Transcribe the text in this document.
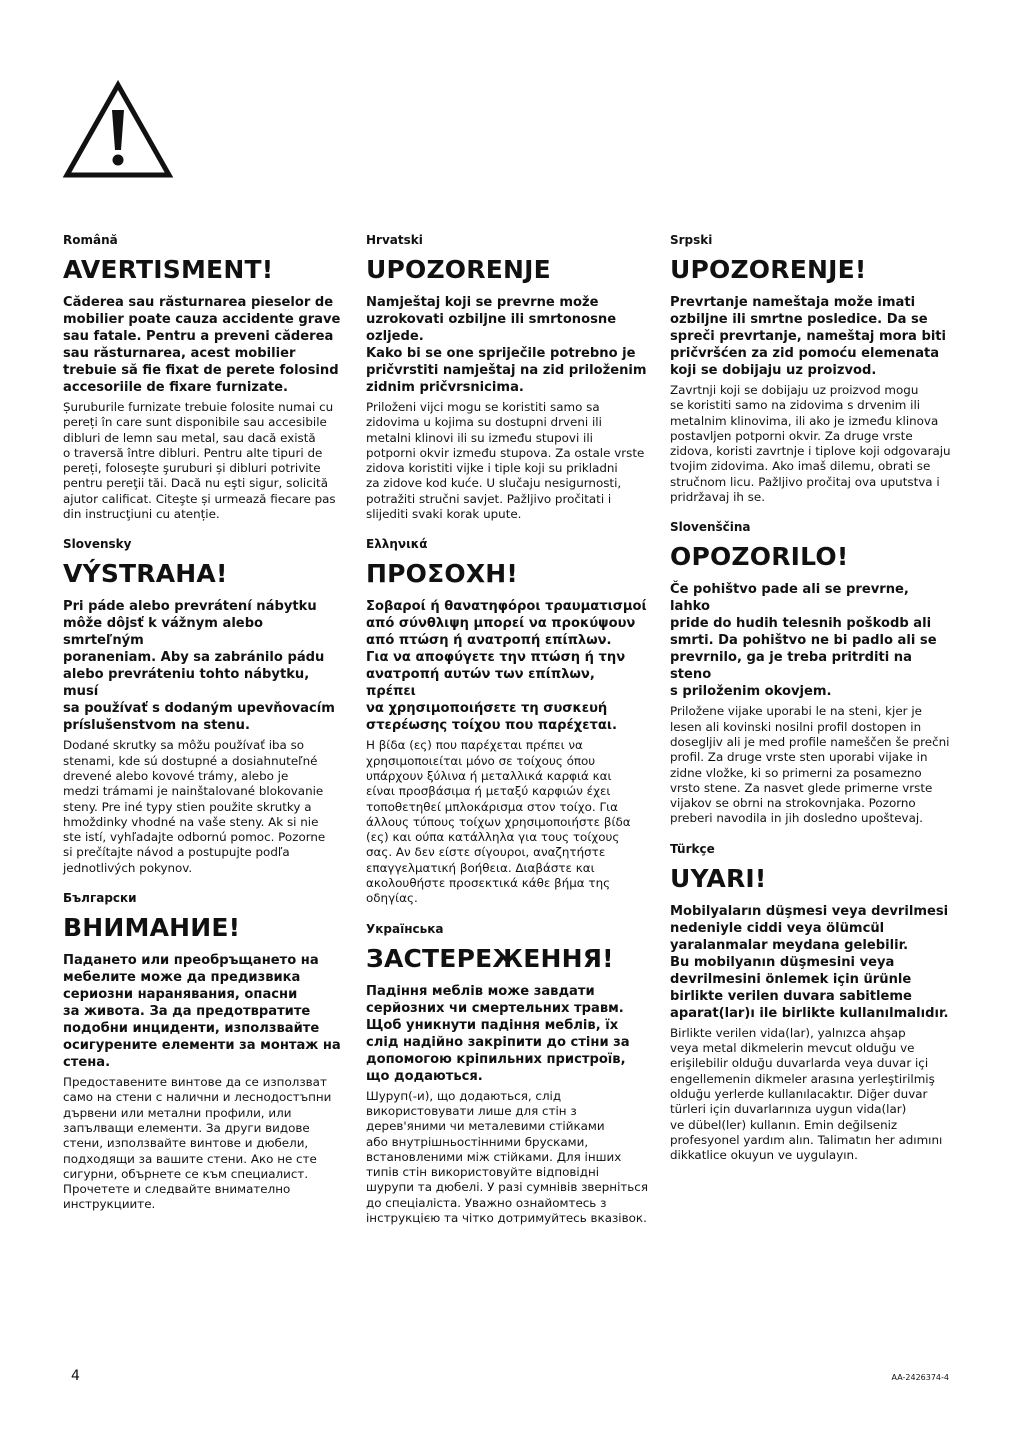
Română
AVERTISMENT!

Căderea sau răsturnarea pieselor de
mobilier poate cauza accidente grave
sau fatale. Pentru a preveni căderea
sau răsturnarea, acest mobilier
trebuie să fie fixat de perete folosind
accesoriile de fixare furnizate.

Șuruburile furnizate trebuie folosite numai cu
pereți în care sunt disponibile sau accesibile
dibluri de lemn sau metal, sau dacă există
o traversă între dibluri. Pentru alte tipuri de
pereți, foloseşte şuruburi și dibluri potrivite
pentru pereţii tăi. Dacă nu eşti sigur, solicită
ajutor calificat. Citeşte și urmează fiecare pas
din instrucţiuni cu atenție.

Slovensky
VÝSTRAHA!

Pri páde alebo prevrátení nábytku
môže dôjsť k vážnym alebo smrteľným
poraneniam. Aby sa zabránilo pádu
alebo prevráteniu tohto nábytku, musí
sa používať s dodaným upevňovacím
príslušenstvom na stenu.

Dodané skrutky sa môžu používať iba so
stenami, kde sú dostupné a dosiahnuteľné
drevené alebo kovové trámy, alebo je
medzi trámami je nainštalované blokovanie
steny. Pre iné typy stien použite skrutky a
hmoždinky vhodné na vaše steny. Ak si nie
ste istí, vyhľadajte odbornú pomoc. Pozorne
si prečítajte návod a postupujte podľa
jednotlivých pokynov.

Български
ВНИМАНИЕ!

Падането или преобръщането на
мебелите може да предизвика
сериозни наранявания, опасни
за живота. За да предотвратите
подобни инциденти, използвайте
осигурените елементи за монтаж на
стена.

Предоставените винтове да се използват
само на стени с налични и леснодостъпни
дървени или метални профили, или
запълващи елементи. За други видове
стени, използвайте винтове и дюбели,
подходящи за вашите стени. Ако не сте
сигурни, обърнете се към специалист.
Прочетете и следвайте внимателно
инструкциите.

Hrvatski
UPOZORENJE

Namještaj koji se prevrne može
uzrokovati ozbiljne ili smrtonosne
ozljede.
Kako bi se one spriječile potrebno je
pričvrstiti namještaj na zid priloženim
zidnim pričvrsnicima.

Priloženi vijci mogu se koristiti samo sa
zidovima u kojima su dostupni drveni ili
metalni klinovi ili su između stupovi ili
potporni okvir između stupova. Za ostale vrste
zidova koristiti vijke i tiple koji su prikladni
za zidove kod kuće. U slučaju nesigurnosti,
potražiti stručni savjet. Pažljivo pročitati i
slijediti svaki korak upute.

Ελληνικά
ΠΡΟΣΟΧΗ!

Σοβαροί ή θανατηφόροι τραυματισμοί
από σύνθλιψη μπορεί να προκύψουν
από πτώση ή ανατροπή επίπλων.
Για να αποφύγετε την πτώση ή την
ανατροπή αυτών των επίπλων, πρέπει
να χρησιμοποιήσετε τη συσκευή
στερέωσης τοίχου που παρέχεται.

Η βίδα (ες) που παρέχεται πρέπει να
χρησιμοποιείται μόνο σε τοίχους όπου
υπάρχουν ξύλινα ή μεταλλικά καρφιά και
είναι προσβάσιμα ή μεταξύ καρφιών έχει
τοποθετηθεί μπλοκάρισμα στον τοίχο. Για
άλλους τύπους τοίχων χρησιμοποιήστε βίδα
(ες) και ούπα κατάλληλα για τους τοίχους
σας. Αν δεν είστε σίγουροι, αναζητήστε
επαγγελματική βοήθεια. Διαβάστε και
ακολουθήστε προσεκτικά κάθε βήμα της
οδηγίας.

Українська
ЗАСТЕРЕЖЕННЯ!

Падіння меблів може завдати
серйозних чи смертельних травм.
Щоб уникнути падіння меблів, їх
слід надійно закріпити до стіни за
допомогою кріпильних пристроїв,
що додаються.

Шуруп(-и), що додаються, слід
використовувати лише для стін з
дерев'яними чи металевими стійками
або внутрішньостінними брусками,
встановленими між стійками. Для інших
типів стін використовуйте відповідні
шурупи та дюбелі. У разі сумнівів зверніться
до спеціаліста. Уважно ознайомтесь з
інструкцією та чітко дотримуйтесь вказівок.

Srpski
UPOZORENJE!

Prevrtanje nameštaja može imati
ozbiljne ili smrtne posledice. Da se
spreči prevrtanje, nameštaj mora biti
pričvršćen za zid pomoću elemenata
koji se dobijaju uz proizvod.

Zavrtnji koji se dobijaju uz proizvod mogu
se koristiti samo na zidovima s drvenim ili
metalnim klinovima, ili ako je između klinova
postavljen potporni okvir. Za druge vrste
zidova, koristi zavrtnje i tiplove koji odgovaraju
tvojim zidovima. Ako imaš dilemu, obrati se
stručnom licu. Pažljivo pročitaj ova uputstva i
pridržavaj ih se.

Slovenščina
OPOZORILO!

Če pohištvo pade ali se prevrne, lahko
pride do hudih telesnih poškodb ali
smrti. Da pohištvo ne bi padlo ali se
prevrnilo, ga je treba pritrditi na steno
s priloženim okovjem.

Priložene vijake uporabi le na steni, kjer je
lesen ali kovinski nosilni profil dostopen in
dosegljiv ali je med profile nameščen še prečni
profil. Za druge vrste sten uporabi vijake in
zidne vložke, ki so primerni za posamezno
vrsto stene. Za nasvet glede primerne vrste
vijakov se obrni na strokovnjaka. Pozorno
preberi navodila in jih dosledno upoštevaj.

Türkçe
UYARI!

Mobilyaların düşmesi veya devrilmesi
nedeniyle ciddi veya ölümcül
yaralanmalar meydana gelebilir.
Bu mobilyanın düşmesini veya
devrilmesini önlemek için ürünle
birlikte verilen duvara sabitleme
aparat(lar)ı ile birlikte kullanılmalıdır.

Birlikte verilen vida(lar), yalnızca ahşap
veya metal dikmelerin mevcut olduğu ve
erişilebilir olduğu duvarlarda veya duvar içi
engellemenin dikmeler arasına yerleştirilmiş
olduğu yerlerde kullanılacaktır. Diğer duvar
türleri için duvarlarınıza uygun vida(lar)
ve dübel(ler) kullanın. Emin değilseniz
profesyonel yardım alın. Talimatın her adımını
dikkatlice okuyun ve uygulayın.

4	AA-2426374-4
